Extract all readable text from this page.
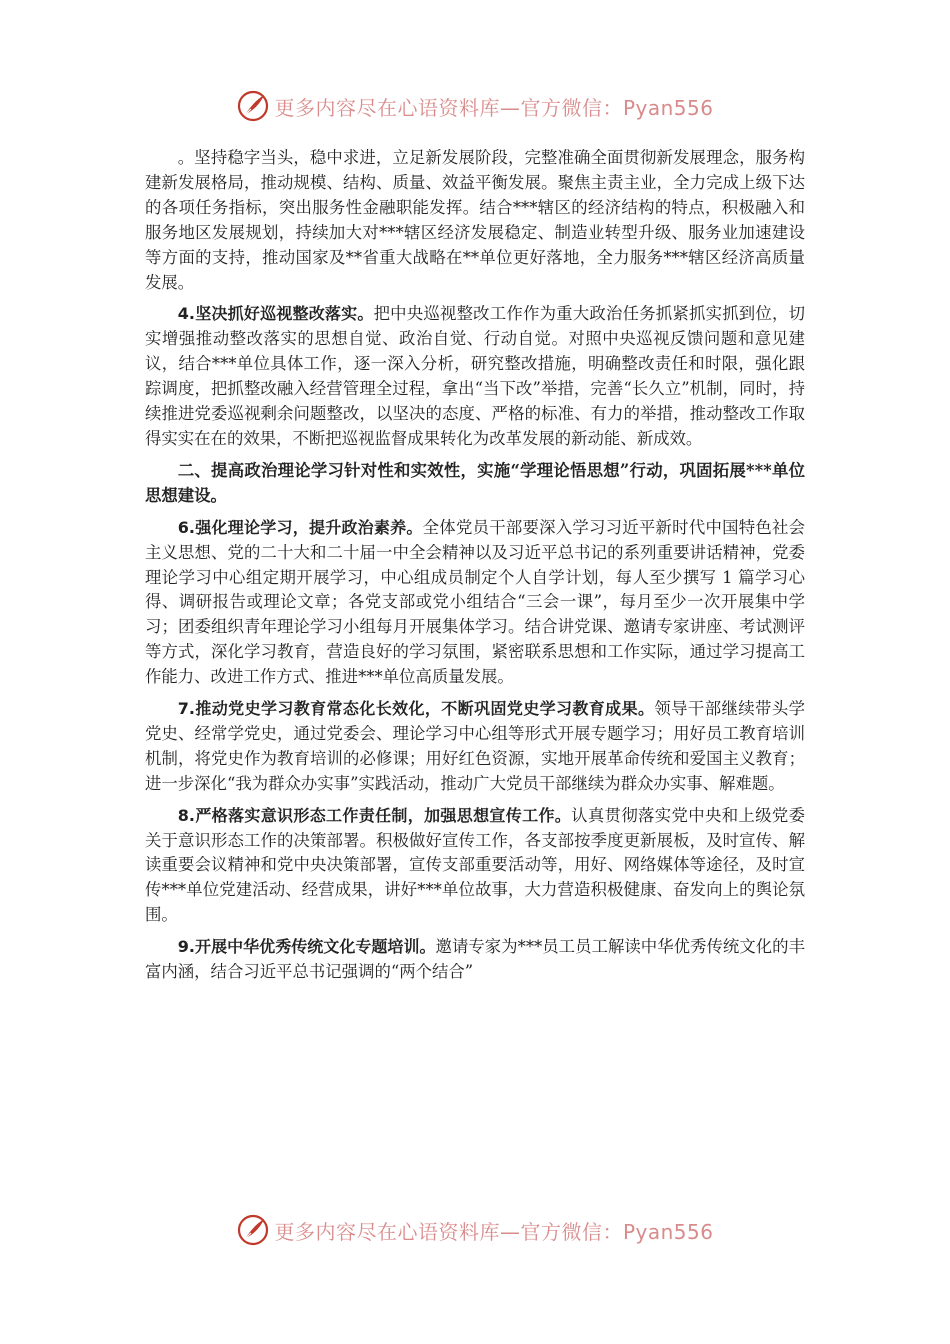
更多内容尽在心语资料库—官方微信：Pyan556

。坚持稳字当头，稳中求进，立足新发展阶段，完整准确全面贯彻新发展理念，服务构建新发展格局，推动规模、结构、质量、效益平衡发展。聚焦主责主业，全力完成上级下达的各项任务指标，突出服务性金融职能发挥。结合***辖区的经济结构的特点，积极融入和服务地区发展规划，持续加大对***辖区经济发展稳定、制造业转型升级、服务业加速建设等方面的支持，推动国家及**省重大战略在**单位更好落地，全力服务***辖区经济高质量发展。

4.坚决抓好巡视整改落实。把中央巡视整改工作作为重大政治任务抓紧抓实抓到位，切实增强推动整改落实的思想自觉、政治自觉、行动自觉。对照中央巡视反馈问题和意见建议，结合***单位具体工作，逐一深入分析，研究整改措施，明确整改责任和时限，强化跟踪调度，把抓整改融入经营管理全过程，拿出“当下改”举措，完善“长久立”机制，同时，持续推进党委巡视剩余问题整改，以坚决的态度、严格的标准、有力的举措，推动整改工作取得实实在在的效果，不断把巡视监督成果转化为改革发展的新动能、新成效。

二、提高政治理论学习针对性和实效性，实施“学理论悟思想”行动，巩固拓展***单位思想建设。

6.强化理论学习，提升政治素养。全体党员干部要深入学习习近平新时代中国特色社会主义思想、党的二十大和二十届一中全会精神以及习近平总书记的系列重要讲话精神，党委理论学习中心组定期开展学习，中心组成员制定个人自学计划，每人至少撰写 1 篇学习心得、调研报告或理论文章；各党支部或党小组结合“三会一课”，每月至少一次开展集中学习；团委组织青年理论学习小组每月开展集体学习。结合讲党课、邀请专家讲座、考试测评等方式，深化学习教育，营造良好的学习氛围，紧密联系思想和工作实际，通过学习提高工作能力、改进工作方式、推进***单位高质量发展。

7.推动党史学习教育常态化长效化，不断巩固党史学习教育成果。领导干部继续带头学党史、经常学党史，通过党委会、理论学习中心组等形式开展专题学习；用好员工教育培训机制，将党史作为教育培训的必修课；用好红色资源，实地开展革命传统和爱国主义教育；进一步深化“我为群众办实事”实践活动，推动广大党员干部继续为群众办实事、解难题。

8.严格落实意识形态工作责任制，加强思想宣传工作。认真贯彻落实党中央和上级党委关于意识形态工作的决策部署。积极做好宣传工作，各支部按季度更新展板，及时宣传、解读重要会议精神和党中央决策部署，宣传支部重要活动等，用好、网络媒体等途径，及时宣传***单位党建活动、经营成果，讲好***单位故事，大力营造积极健康、奋发向上的舆论氛围。

9.开展中华优秀传统文化专题培训。邀请专家为***员工员工解读中华优秀传统文化的丰富内涵，结合习近平总书记强调的“两个结合”

更多内容尽在心语资料库—官方微信：Pyan556
